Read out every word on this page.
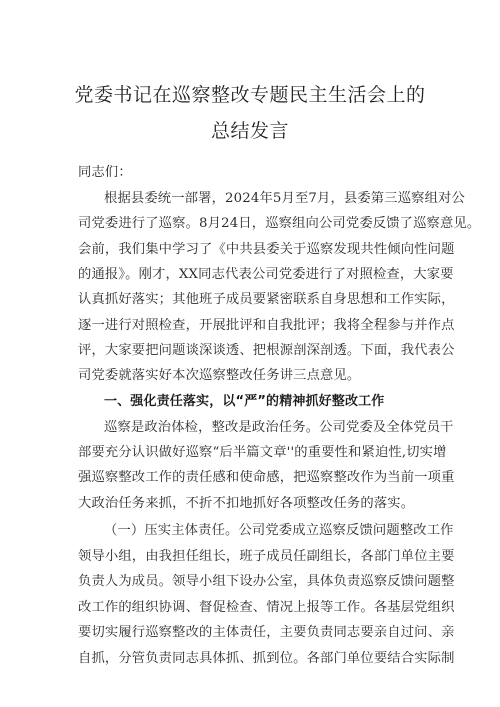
党委书记在巡察整改专题民主生活会上的
总结发言
同志们：
根据县委统一部署，2024年5月至7月，县委第三巡察组对公
司党委进行了巡察。8月24日，巡察组向公司党委反馈了巡察意见。
会前，我们集中学习了《中共县委关于巡察发现共性倾向性问题
的通报》。刚才，XX同志代表公司党委进行了对照检查，大家要
认真抓好落实；其他班子成员要紧密联系自身思想和工作实际，
逐一进行对照检查，开展批评和自我批评；我将全程参与并作点
评，大家要把问题谈深谈透、把根源剖深剖透。下面，我代表公
司党委就落实好本次巡察整改任务讲三点意见。
一、强化责任落实，以“严”的精神抓好整改工作
巡察是政治体检，整改是政治任务。公司党委及全体党员干
部要充分认识做好巡察“后半篇文章''的重要性和紧迫性,切实增
强巡察整改工作的责任感和使命感，把巡察整改作为当前一项重
大政治任务来抓，不折不扣地抓好各项整改任务的落实。
（一）压实主体责任。公司党委成立巡察反馈问题整改工作
领导小组，由我担任组长，班子成员任副组长，各部门单位主要
负责人为成员。领导小组下设办公室，具体负责巡察反馈问题整
改工作的组织协调、督促检查、情况上报等工作。各基层党组织
要切实履行巡察整改的主体责任，主要负责同志要亲自过问、亲
自抓，分管负责同志具体抓、抓到位。各部门单位要结合实际制
